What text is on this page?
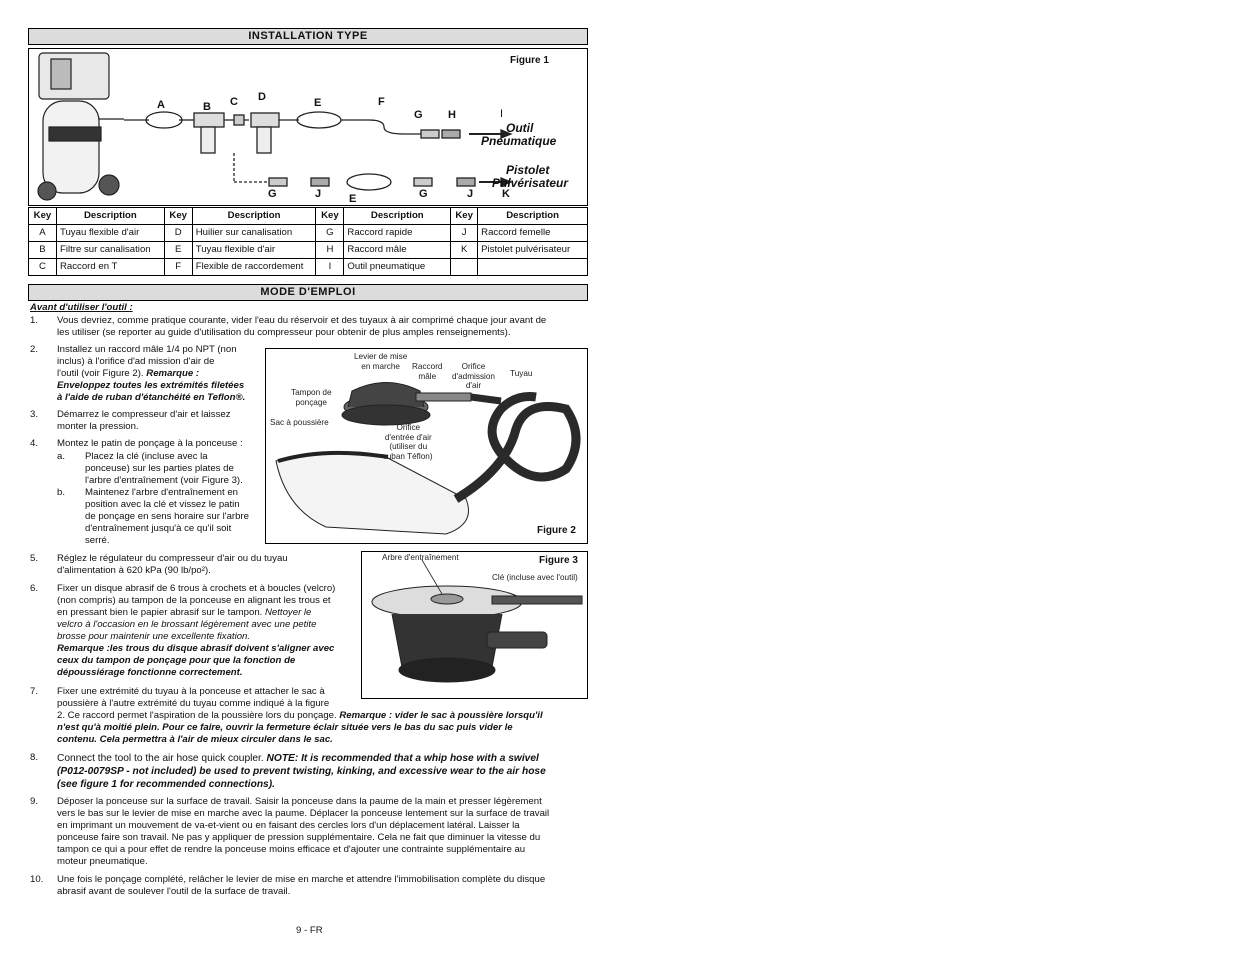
INSTALLATION TYPE
Figure 1
A	B C D	E	F
G H	I
G	J	E	G	J	K
Outil
Pneumatique
Pistolet
Pulvérisateur
Key	Description	Key	Description	Key	Description	Key	Description
A	Tuyau flexible d'air	D	Huilier sur canalisation	G	Raccord rapide	J	Raccord femelle
B	Filtre sur canalisation	E	Tuyau flexible d'air	H	Raccord mâle	K	Pistolet pulvérisateur
C	Raccord en T	F	Flexible de raccordement	I	Outil pneumatique		
MODE D'EMPLOI
Avant d'utiliser l'outil :
1. Vous devriez, comme pratique courante, vider l'eau du réservoir et des tuyaux à air comprimé chaque jour avant de
les utiliser (se reporter au guide d'utilisation du compresseur pour obtenir de plus amples renseignements).
2. Installez un raccord mâle 1/4 po NPT (non
inclus) à l'orifice d'ad mission d'air de
l'outil (voir Figure 2). Remarque :
Enveloppez toutes les extrémités filetées
à l'aide de ruban d'étanchéité en Teflon®.
3. Démarrez le compresseur d'air et laissez
monter la pression.
4. Montez le patin de ponçage à la ponceuse :
a. Placez la clé (incluse avec la
ponceuse) sur les parties plates de
l'arbre d'entraînement (voir Figure 3).
b. Maintenez l'arbre d'entraînement en
position avec la clé et vissez le patin
de ponçage en sens horaire sur l'arbre
d'entraînement jusqu'à ce qu'il soit
serré.
Levier de mise
en marche	Raccord
mâle
Orifice
d'admission
d'air
Tuyau
Tampon de
ponçage
Sac à poussière
Orifice
d'entrée d'air
(utiliser du
ruban Téflon)
Figure 2
5. Réglez le régulateur du compresseur d'air ou du tuyau
d'alimentation à 620 kPa (90 lb/po²).
Arbre d'entraînement
Clé (incluse avec l'outil)
Figure 3
6. Fixer un disque abrasif de 6 trous à crochets et à boucles (velcro)
(non compris) au tampon de la ponceuse en alignant les trous et
en pressant bien le papier abrasif sur le tampon. Nettoyer le
velcro à l'occasion en le brossant légèrement avec une petite
brosse pour maintenir une excellente fixation.
Remarque :les trous du disque abrasif doivent s'aligner avec
ceux du tampon de ponçage pour que la fonction de
dépoussiérage fonctionne correctement.
7. Fixer une extrémité du tuyau à la ponceuse et attacher le sac à
poussière à l'autre extrémité du tuyau comme indiqué à la figure
2. Ce raccord permet l'aspiration de la poussière lors du ponçage. Remarque : vider le sac à poussière lorsqu'il
n'est qu'à moitié plein. Pour ce faire, ouvrir la fermeture éclair située vers le bas du sac puis vider le
contenu. Cela permettra à l'air de mieux circuler dans le sac.
8. Connect the tool to the air hose quick coupler. NOTE: It is recommended that a whip hose with a swivel
(P012-0079SP - not included) be used to prevent twisting, kinking, and excessive wear to the air hose
(see figure 1 for recommended connections).
9. Déposer la ponceuse sur la surface de travail. Saisir la ponceuse dans la paume de la main et presser légèrement
vers le bas sur le levier de mise en marche avec la paume. Déplacer la ponceuse lentement sur la surface de travail
en imprimant un mouvement de va-et-vient ou en faisant des cercles lors d'un déplacement latéral. Laisser la
ponceuse faire son travail. Ne pas y appliquer de pression supplémentaire. Cela ne fait que diminuer la vitesse du
tampon ce qui a pour effet de rendre la ponceuse moins efficace et d'ajouter une contrainte supplémentaire au
moteur pneumatique.
10. Une fois le ponçage complété, relâcher le levier de mise en marche et attendre l'immobilisation complète du disque
abrasif avant de soulever l'outil de la surface de travail.
9 - FR
